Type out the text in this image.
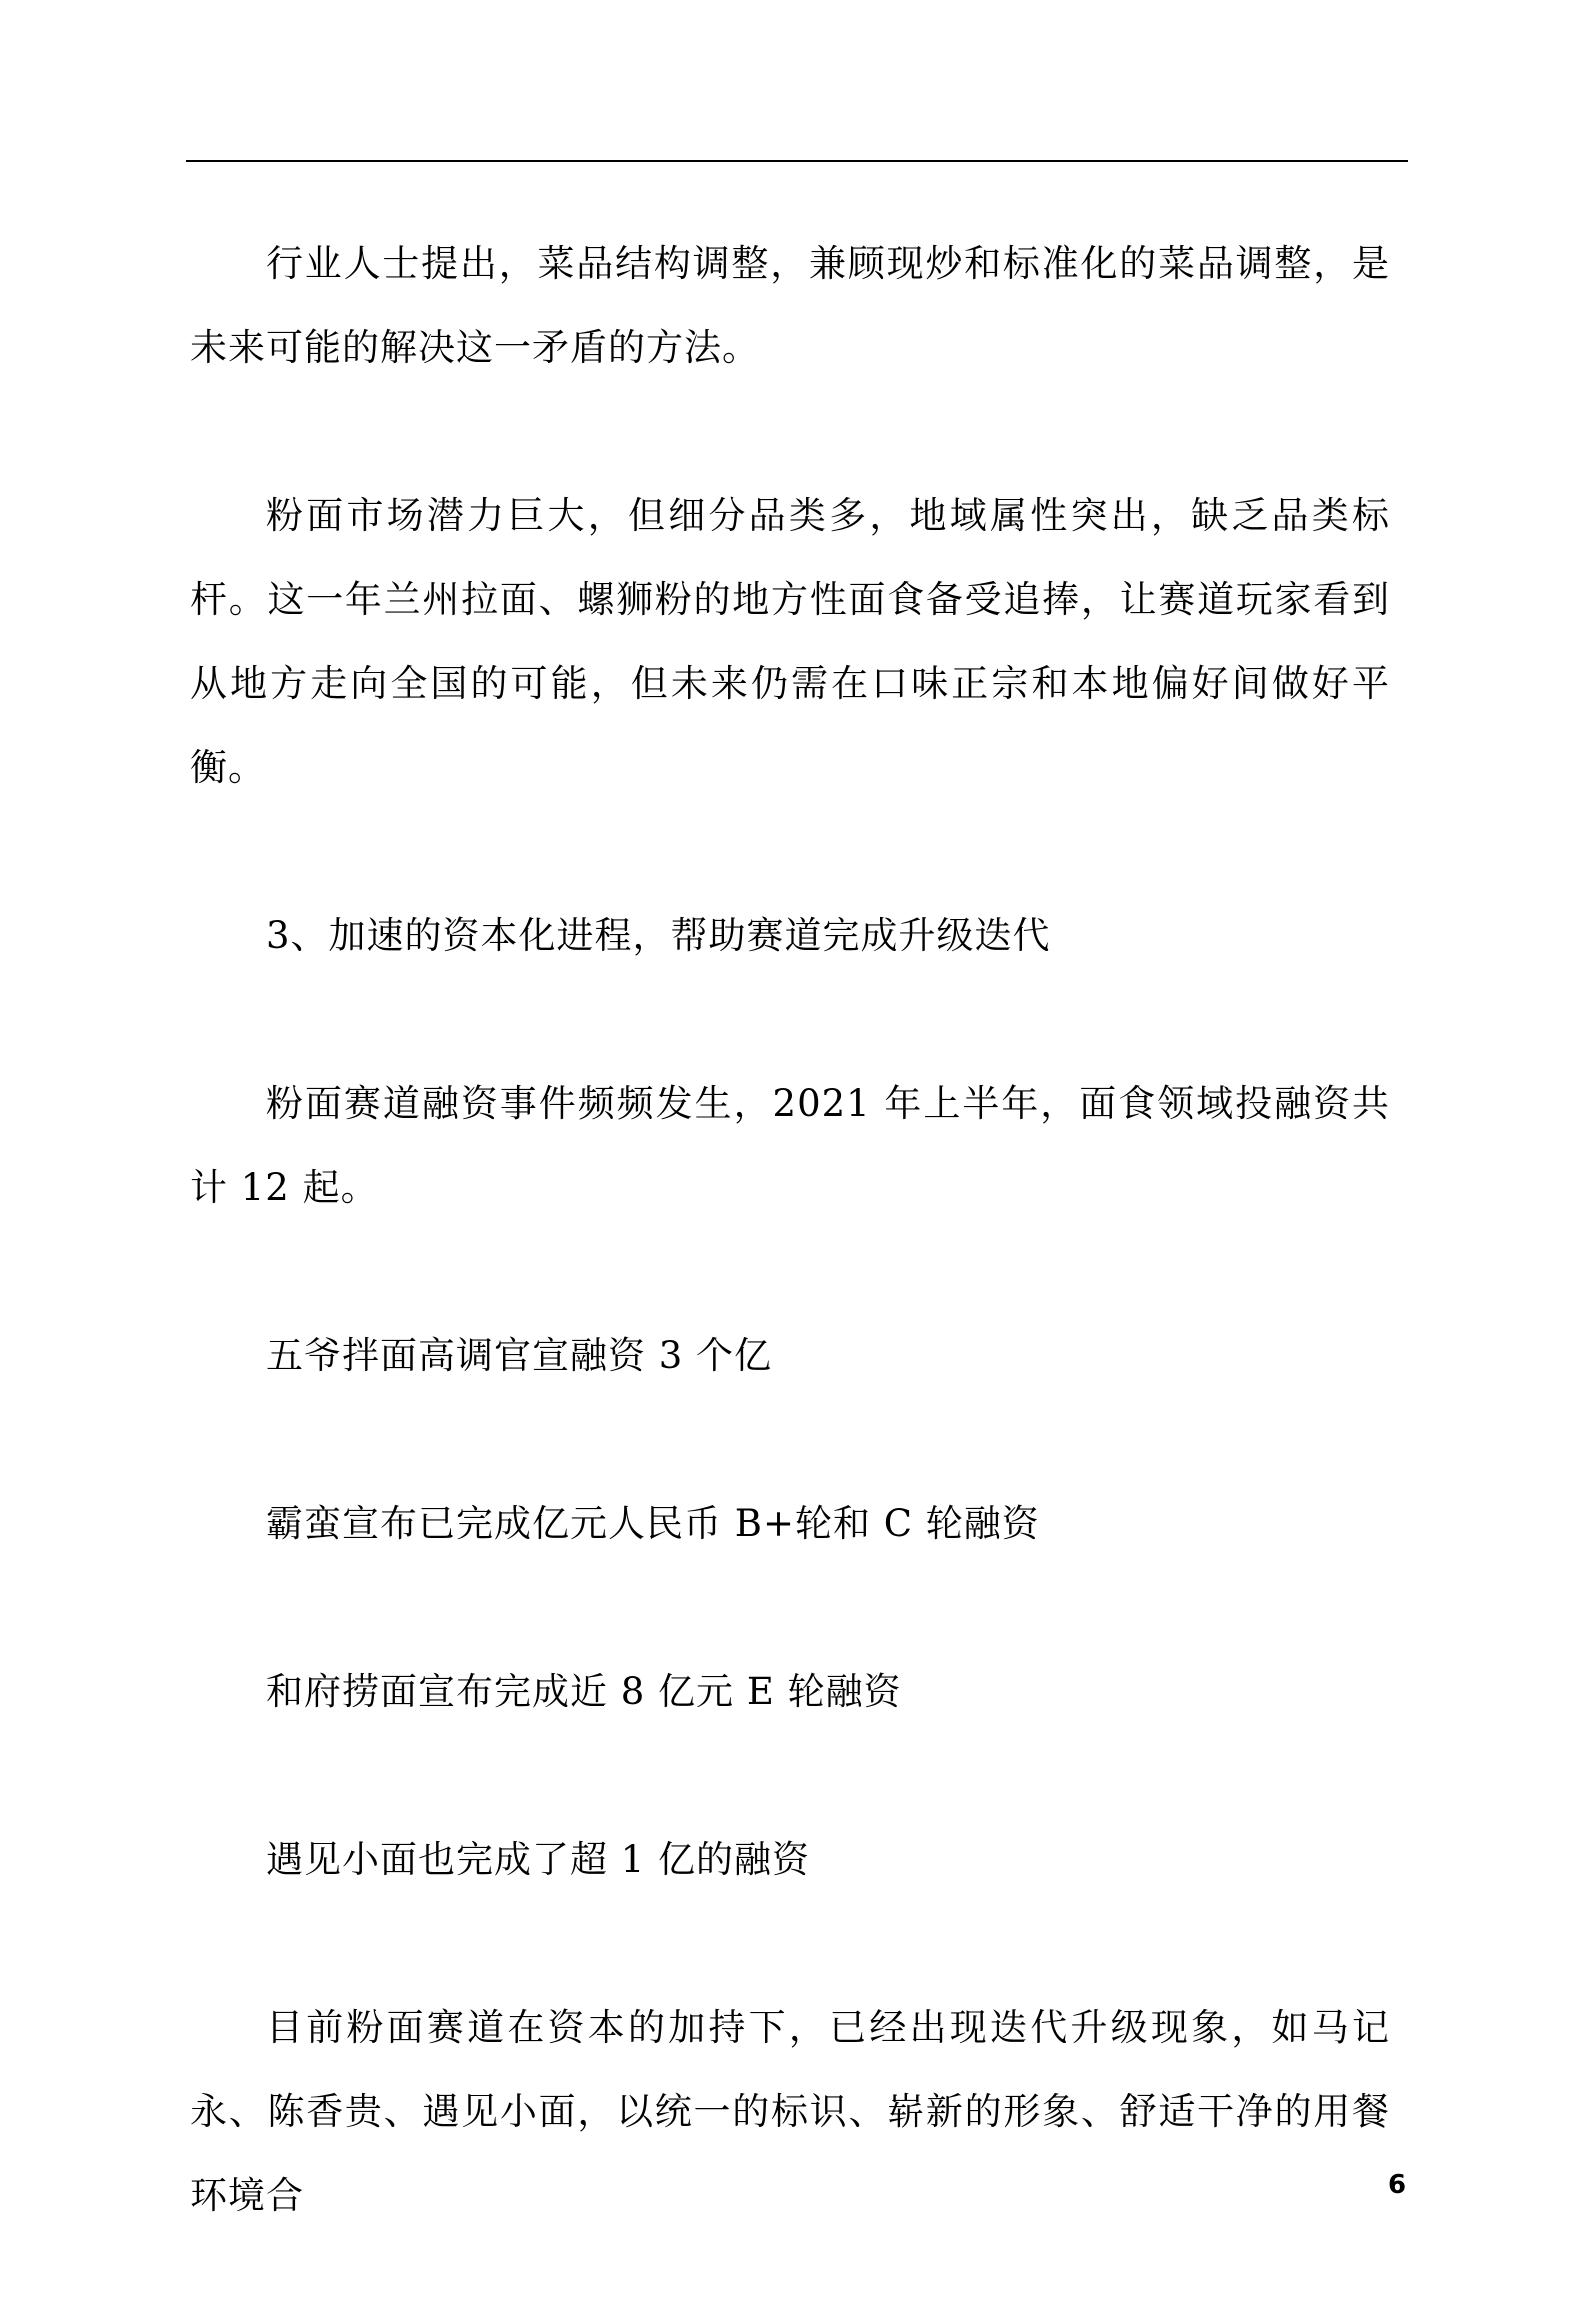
行业人士提出，菜品结构调整，兼顾现炒和标准化的菜品调整，是未来可能的解决这一矛盾的方法。

粉面市场潜力巨大，但细分品类多，地域属性突出，缺乏品类标杆。这一年兰州拉面、螺狮粉的地方性面食备受追捧，让赛道玩家看到从地方走向全国的可能，但未来仍需在口味正宗和本地偏好间做好平衡。

3、加速的资本化进程，帮助赛道完成升级迭代

粉面赛道融资事件频频发生，2021 年上半年，面食领域投融资共计 12 起。

五爷拌面高调官宣融资 3 个亿

霸蛮宣布已完成亿元人民币 B+轮和 C 轮融资

和府捞面宣布完成近 8 亿元 E 轮融资

遇见小面也完成了超 1 亿的融资

目前粉面赛道在资本的加持下，已经出现迭代升级现象，如马记永、陈香贵、遇见小面，以统一的标识、崭新的形象、舒适干净的用餐环境合	6
